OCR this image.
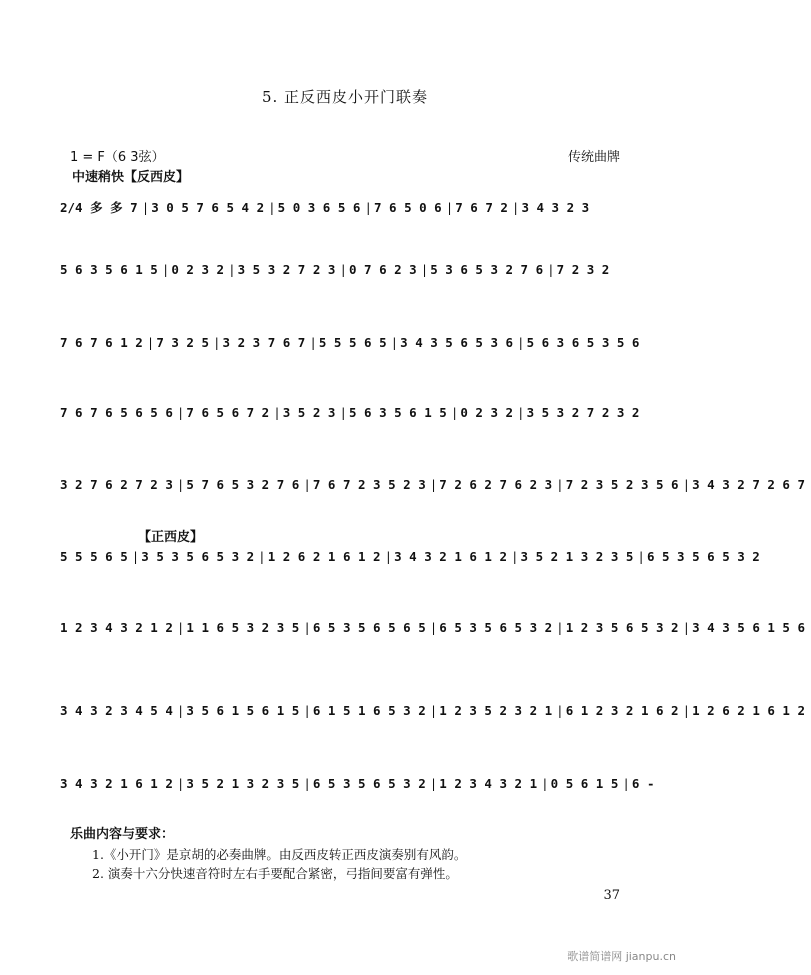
5. 正反西皮小开门联奏
1 = F（6 3弦）	传统曲牌
中速稍快【反西皮】
【正西皮】
2/4 多 多 7 | 3 0 5 7 6 5 4 2 | 5 0 3 6 5 6 | 7 6 5 0 6 | 7 6 7 2 | 3 4 3 2 3
5 6 3 5 6 1 5 | 0 2 3 2 | 3 5 3 2 7 2 3 | 0 7 6 2 3 | 5 3 6 5 3 2 7 6 | 7 2 3 2
7 6 7 6 1 2 | 7 3 2 5 | 3 2 3 7 6 7 | 5 5 5 6 5 | 3 4 3 5 6 5 3 6 | 5 6 3 6 5 3 5 6
7 6 7 6 5 6 5 6 | 7 6 5 6 7 2 | 3 5 2 3 | 5 6 3 5 6 1 5 | 0 2 3 2 | 3 5 3 2 7 2 3 2
3 2 7 6 2 7 2 3 | 5 7 6 5 3 2 7 6 | 7 6 7 2 3 5 2 3 | 7 2 6 2 7 6 2 3 | 7 2 3 5 2 3 5 6 | 3 4 3 2 7 2 6 7
5 5 5 6 5 | 3 5 3 5 6 5 3 2 | 1 2 6 2 1 6 1 2 | 3 4 3 2 1 6 1 2 | 3 5 2 1 3 2 3 5 | 6 5 3 5 6 5 3 2
1 2 3 4 3 2 1 2 | 1 1 6 5 3 2 3 5 | 6 5 3 5 6 5 6 5 | 6 5 3 5 6 5 3 2 | 1 2 3 5 6 5 3 2 | 3 4 3 5 6 1 5 6
3 4 3 2 3 4 5 4 | 3 5 6 1 5 6 1 5 | 6 1 5 1 6 5 3 2 | 1 2 3 5 2 3 2 1 | 6 1 2 3 2 1 6 2 | 1 2 6 2 1 6 1 2
3 4 3 2 1 6 1 2 | 3 5 2 1 3 2 3 5 | 6 5 3 5 6 5 3 2 | 1 2 3 4 3 2 1 | 0 5 6 1 5 | 6 -
乐曲内容与要求：
1.《小开门》是京胡的必奏曲牌。由反西皮转正西皮演奏别有风韵。
2. 演奏十六分快速音符时左右手要配合紧密，弓指间要富有弹性。
37
歌谱简谱网 jianpu.cn
